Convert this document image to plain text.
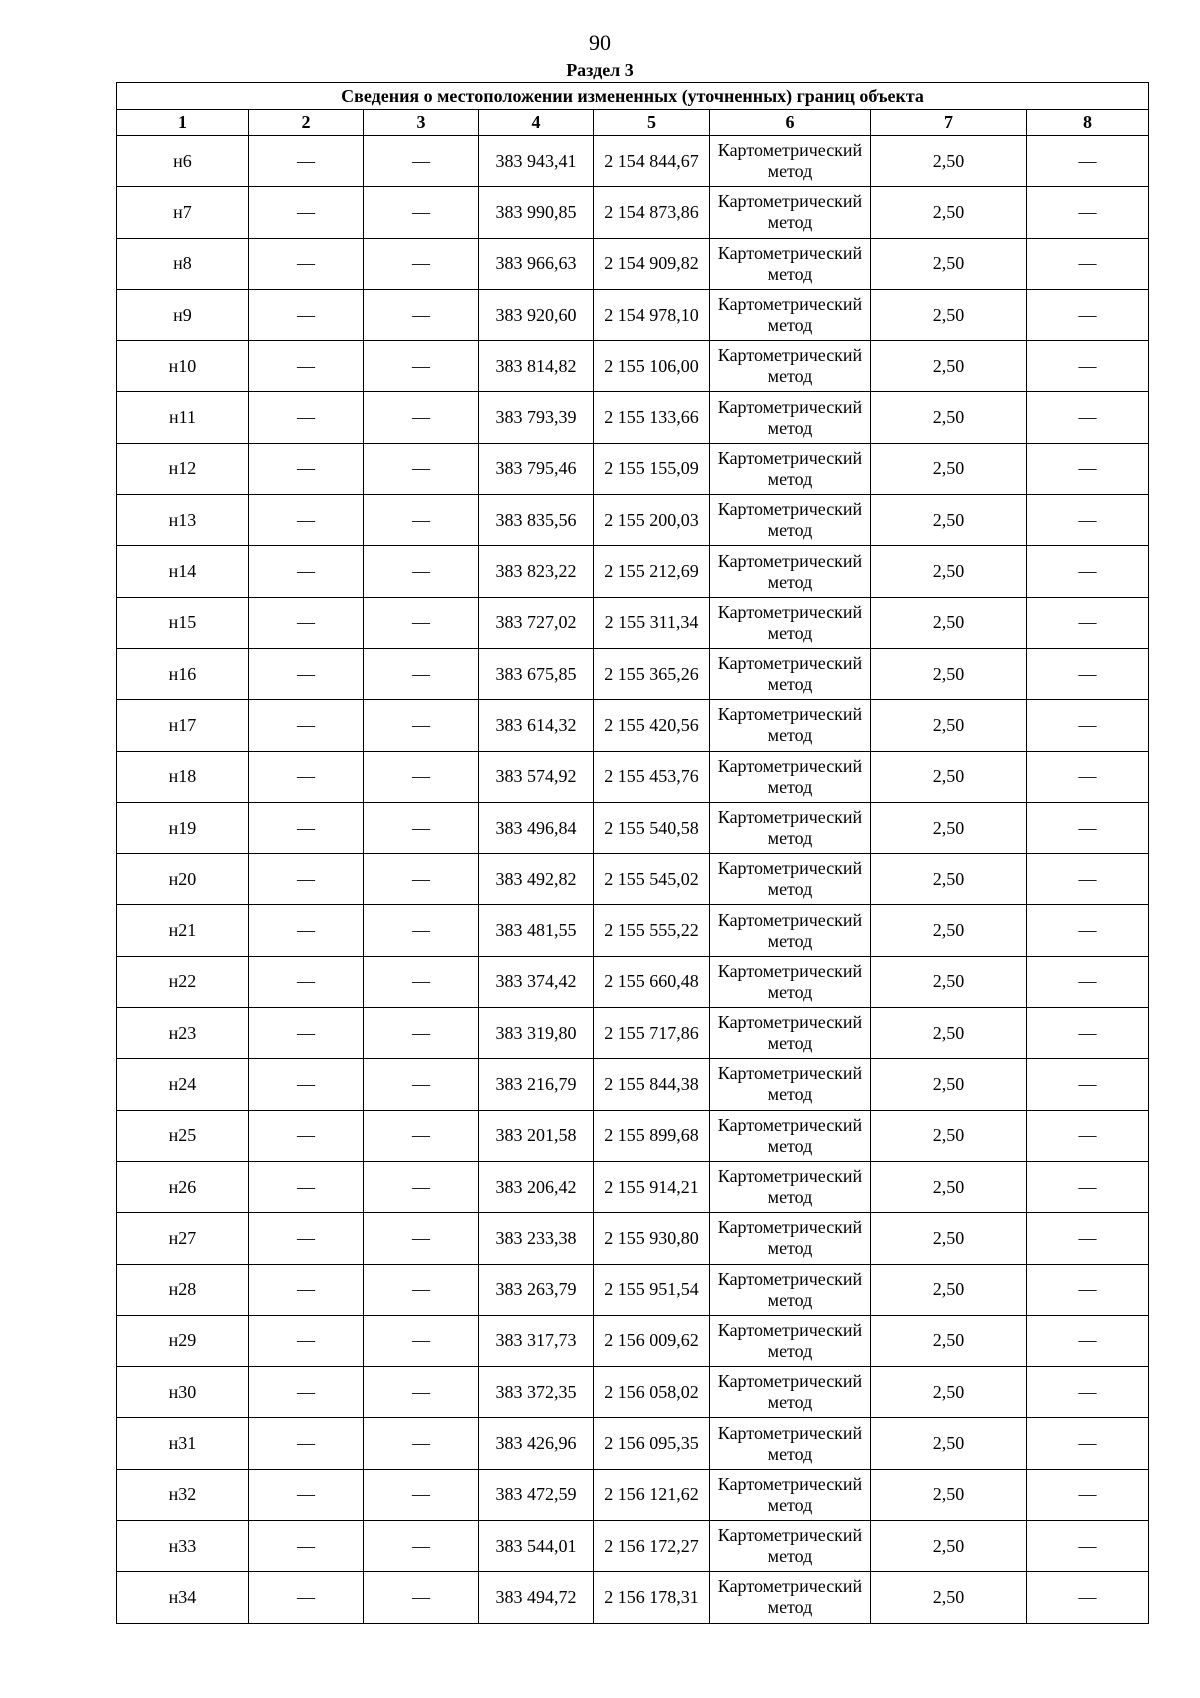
90
Раздел 3
Сведения о местоположении измененных (уточненных) границ объекта							
1	2	3	4	5	6	7	8
н6	—	—	383 943,41	2 154 844,67	Картометрический метод	2,50	—
н7	—	—	383 990,85	2 154 873,86	Картометрический метод	2,50	—
н8	—	—	383 966,63	2 154 909,82	Картометрический метод	2,50	—
н9	—	—	383 920,60	2 154 978,10	Картометрический метод	2,50	—
н10	—	—	383 814,82	2 155 106,00	Картометрический метод	2,50	—
н11	—	—	383 793,39	2 155 133,66	Картометрический метод	2,50	—
н12	—	—	383 795,46	2 155 155,09	Картометрический метод	2,50	—
н13	—	—	383 835,56	2 155 200,03	Картометрический метод	2,50	—
н14	—	—	383 823,22	2 155 212,69	Картометрический метод	2,50	—
н15	—	—	383 727,02	2 155 311,34	Картометрический метод	2,50	—
н16	—	—	383 675,85	2 155 365,26	Картометрический метод	2,50	—
н17	—	—	383 614,32	2 155 420,56	Картометрический метод	2,50	—
н18	—	—	383 574,92	2 155 453,76	Картометрический метод	2,50	—
н19	—	—	383 496,84	2 155 540,58	Картометрический метод	2,50	—
н20	—	—	383 492,82	2 155 545,02	Картометрический метод	2,50	—
н21	—	—	383 481,55	2 155 555,22	Картометрический метод	2,50	—
н22	—	—	383 374,42	2 155 660,48	Картометрический метод	2,50	—
н23	—	—	383 319,80	2 155 717,86	Картометрический метод	2,50	—
н24	—	—	383 216,79	2 155 844,38	Картометрический метод	2,50	—
н25	—	—	383 201,58	2 155 899,68	Картометрический метод	2,50	—
н26	—	—	383 206,42	2 155 914,21	Картометрический метод	2,50	—
н27	—	—	383 233,38	2 155 930,80	Картометрический метод	2,50	—
н28	—	—	383 263,79	2 155 951,54	Картометрический метод	2,50	—
н29	—	—	383 317,73	2 156 009,62	Картометрический метод	2,50	—
н30	—	—	383 372,35	2 156 058,02	Картометрический метод	2,50	—
н31	—	—	383 426,96	2 156 095,35	Картометрический метод	2,50	—
н32	—	—	383 472,59	2 156 121,62	Картометрический метод	2,50	—
н33	—	—	383 544,01	2 156 172,27	Картометрический метод	2,50	—
н34	—	—	383 494,72	2 156 178,31	Картометрический метод	2,50	—
